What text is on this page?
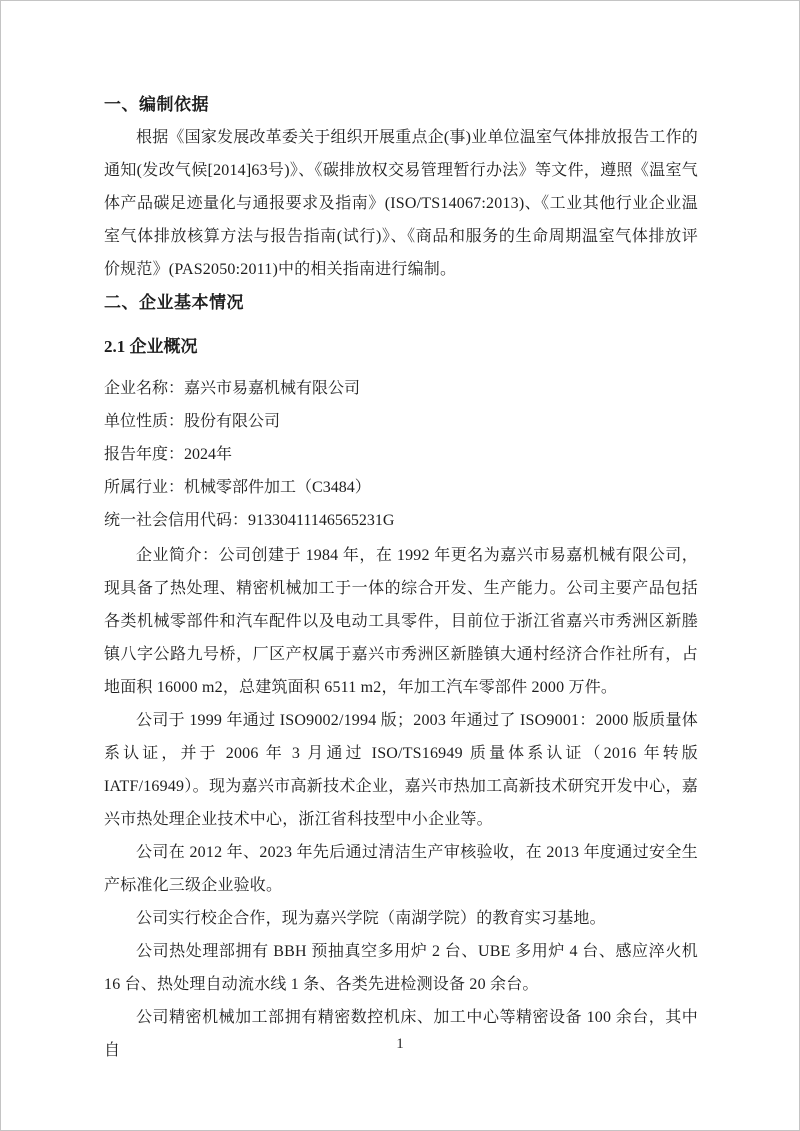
一、编制依据

根据《国家发展改革委关于组织开展重点企(事)业单位温室气体排放报告工作的通知(发改气候[2014]63号)》、《碳排放权交易管理暂行办法》等文件，遵照《温室气体产品碳足迹量化与通报要求及指南》(ISO/TS14067:2013)、《工业其他行业企业温室气体排放核算方法与报告指南(试行)》、《商品和服务的生命周期温室气体排放评价规范》(PAS2050:2011)中的相关指南进行编制。

二、企业基本情况
2.1 企业概况
企业名称：嘉兴市易嘉机械有限公司
单位性质：股份有限公司
报告年度：2024年
所属行业：机械零部件加工（C3484）
统一社会信用代码：91330411146565231G

企业简介：公司创建于 1984 年，在 1992 年更名为嘉兴市易嘉机械有限公司，现具备了热处理、精密机械加工于一体的综合开发、生产能力。公司主要产品包括各类机械零部件和汽车配件以及电动工具零件，目前位于浙江省嘉兴市秀洲区新塍镇八字公路九号桥，厂区产权属于嘉兴市秀洲区新塍镇大通村经济合作社所有，占地面积 16000 m2，总建筑面积 6511 m2，年加工汽车零部件 2000 万件。

公司于 1999 年通过 ISO9002/1994 版；2003 年通过了 ISO9001：2000 版质量体系认证，并于 2006 年 3 月通过 ISO/TS16949 质量体系认证（2016 年转版 IATF/16949）。现为嘉兴市高新技术企业，嘉兴市热加工高新技术研究开发中心，嘉兴市热处理企业技术中心，浙江省科技型中小企业等。

公司在 2012 年、2023 年先后通过清洁生产审核验收，在 2013 年度通过安全生产标准化三级企业验收。

公司实行校企合作，现为嘉兴学院（南湖学院）的教育实习基地。

公司热处理部拥有 BBH 预抽真空多用炉 2 台、UBE 多用炉 4 台、感应淬火机 16 台、热处理自动流水线 1 条、各类先进检测设备 20 余台。

公司精密机械加工部拥有精密数控机床、加工中心等精密设备 100 余台，其中自	1
